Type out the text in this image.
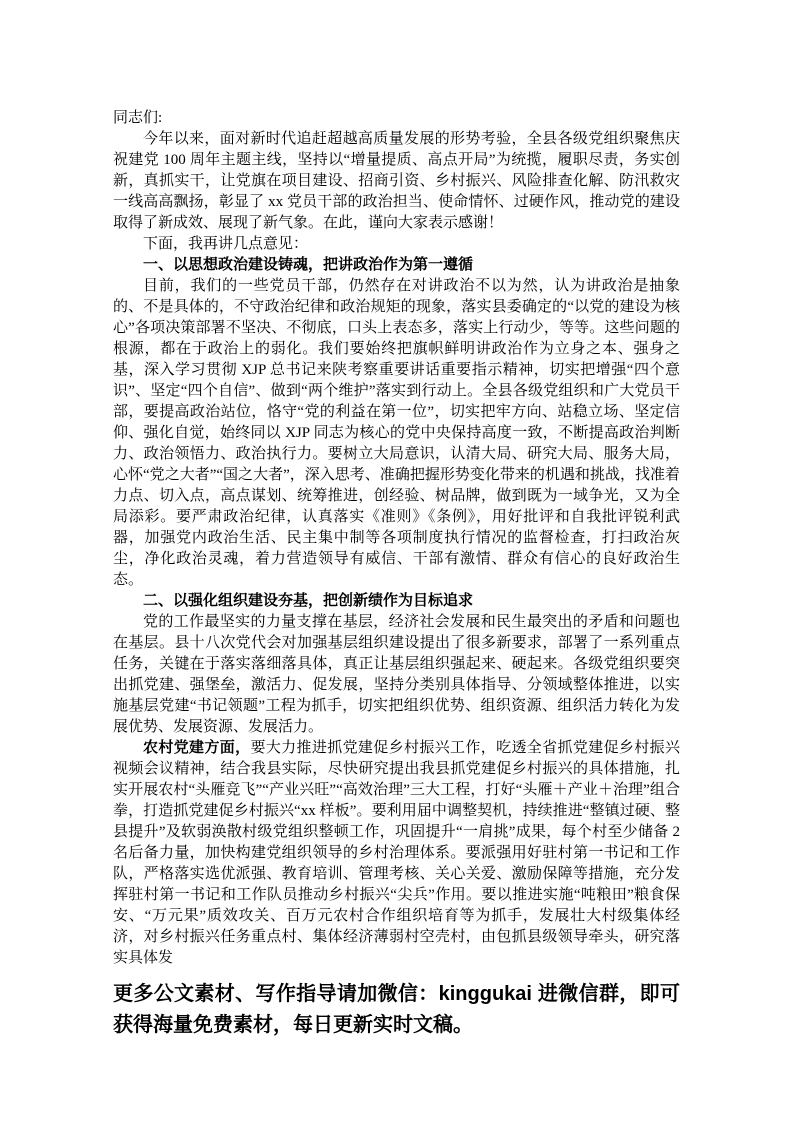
同志们:

今年以来，面对新时代追赶超越高质量发展的形势考验，全县各级党组织聚焦庆祝建党 100 周年主题主线，坚持以“增量提质、高点开局”为统揽，履职尽责，务实创新，真抓实干，让党旗在项目建设、招商引资、乡村振兴、风险排查化解、防汛救灾一线高高飘扬，彰显了 xx 党员干部的政治担当、使命情怀、过硬作风，推动党的建设取得了新成效、展现了新气象。在此，谨向大家表示感谢！

下面，我再讲几点意见：

一、以思想政治建设铸魂，把讲政治作为第一遵循

目前，我们的一些党员干部，仍然存在对讲政治不以为然，认为讲政治是抽象的、不是具体的，不守政治纪律和政治规矩的现象，落实县委确定的“以党的建设为核心”各项决策部署不坚决、不彻底，口头上表态多，落实上行动少，等等。这些问题的根源，都在于政治上的弱化。我们要始终把旗帜鲜明讲政治作为立身之本、强身之基，深入学习贯彻 XJP 总书记来陕考察重要讲话重要指示精神，切实把增强“四个意识”、坚定“四个自信”、做到“两个维护”落实到行动上。全县各级党组织和广大党员干部，要提高政治站位，恪守“党的利益在第一位”，切实把牢方向、站稳立场、坚定信仰、强化自觉，始终同以 XJP 同志为核心的党中央保持高度一致，不断提高政治判断力、政治领悟力、政治执行力。要树立大局意识，认清大局、研究大局、服务大局，心怀“党之大者”“国之大者”，深入思考、准确把握形势变化带来的机遇和挑战，找准着力点、切入点，高点谋划、统筹推进，创经验、树品牌，做到既为一域争光，又为全局添彩。要严肃政治纪律，认真落实《准则》《条例》，用好批评和自我批评锐利武器，加强党内政治生活、民主集中制等各项制度执行情况的监督检查，打扫政治灰尘，净化政治灵魂，着力营造领导有威信、干部有激情、群众有信心的良好政治生态。

二、以强化组织建设夯基，把创新绩作为目标追求

党的工作最坚实的力量支撑在基层，经济社会发展和民生最突出的矛盾和问题也在基层。县十八次党代会对加强基层组织建设提出了很多新要求，部署了一系列重点任务，关键在于落实落细落具体，真正让基层组织强起来、硬起来。各级党组织要突出抓党建、强堡垒，激活力、促发展，坚持分类别具体指导、分领域整体推进，以实施基层党建“书记领题”工程为抓手，切实把组织优势、组织资源、组织活力转化为发展优势、发展资源、发展活力。

农村党建方面，要大力推进抓党建促乡村振兴工作，吃透全省抓党建促乡村振兴视频会议精神，结合我县实际，尽快研究提出我县抓党建促乡村振兴的具体措施，扎实开展农村“头雁竞飞”“产业兴旺”“高效治理”三大工程，打好“头雁＋产业＋治理”组合拳，打造抓党建促乡村振兴“xx 样板”。要利用届中调整契机，持续推进“整镇过硬、整县提升”及软弱涣散村级党组织整顿工作，巩固提升“一肩挑”成果，每个村至少储备 2 名后备力量，加快构建党组织领导的乡村治理体系。要派强用好驻村第一书记和工作队，严格落实选优派强、教育培训、管理考核、关心关爱、激励保障等措施，充分发挥驻村第一书记和工作队员推动乡村振兴“尖兵”作用。要以推进实施“吨粮田”粮食保安、“万元果”质效攻关、百万元农村合作组织培育等为抓手，发展壮大村级集体经济，对乡村振兴任务重点村、集体经济薄弱村空壳村，由包抓县级领导牵头，研究落实具体发

更多公文素材、写作指导请加微信：kinggukai 进微信群，即可获得海量免费素材，每日更新实时文稿。
